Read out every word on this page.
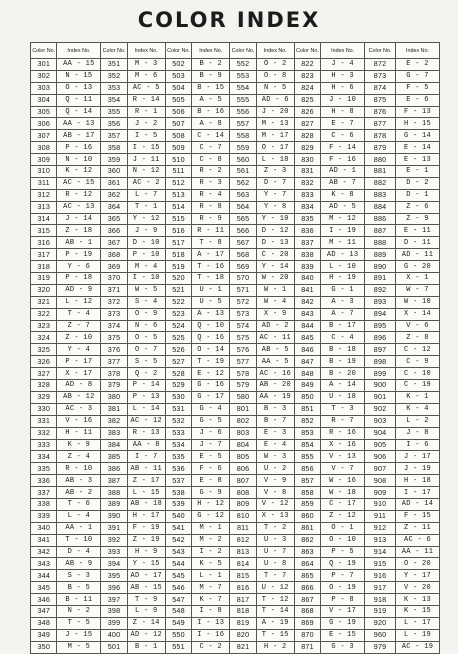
COLOR INDEX
Color No.	Index No.	Color No.	Index No.	Color No.	Index No.	Color No.	Index No.	Color No.	Index No.	Color No.	Index No.
301	AA - 15	351	M - 3	502	B - 2	552	O - 2	822	J - 4	872	E - 2
302	N - 15	352	M - 6	503	B - 9	553	O - 8	823	H - 3	873	G - 7
303	O - 13	353	AC - 5	504	B - 15	554	N - 5	824	H - 6	874	F - 5
304	Q - 11	354	R - 14	505	A - 5	555	AD - 6	825	J - 10	875	E - 6
305	Q - 14	355	R - 1	506	B - 16	556	J - 20	826	H - 8	876	F - 13
306	AA - 13	356	J - 2	507	A - 8	557	M - 13	827	E - 7	877	H - 15
307	AB - 17	357	I - 5	508	C - 14	558	M - 17	828	C - 6	878	G - 14
308	P - 16	358	I - 15	509	C - 7	559	O - 17	829	F - 14	879	E - 14
309	N - 10	359	J - 11	510	C - 8	560	L - 18	830	F - 16	880	E - 13
310	K - 12	360	N - 12	511	R - 2	561	Z - 3	831	AD - 1	881	E - 1
311	AC - 15	361	AC - 2	512	R - 3	562	D - 7	832	AB - 7	882	D - 2
312	R - 12	362	L - 7	513	R - 4	563	Y - 7	833	K - 8	883	D - 1
313	AC - 13	364	T - 1	514	R - 8	564	Y - 8	834	AD - 5	884	Z - 6
314	J - 14	365	Y - 12	515	R - 9	565	Y - 10	835	M - 12	886	Z - 9
315	Z - 18	366	J - 9	516	R - 11	566	D - 12	836	I - 19	887	E - 11
316	AB - 1	367	D - 10	517	T - 8	567	D - 13	837	M - 11	888	D - 11
317	P - 19	368	P - 10	518	A - 17	568	C - 20	838	AD - 13	889	AD - 11
318	Y - 6	369	M - 4	519	T - 16	569	Y - 14	839	L - 10	890	G - 20
319	P - 18	370	I - 10	520	T - 18	570	W - 20	840	H - 19	891	X - 1
320	AD - 9	371	W - 5	521	U - 1	571	W - 1	841	G - 1	892	W - 7
321	L - 12	372	S - 4	522	U - 5	572	W - 4	842	A - 3	893	W - 10
322	T - 4	373	O - 9	523	A - 13	573	X - 9	843	A - 7	894	X - 14
323	Z - 7	374	N - 6	524	Q - 10	574	AD - 2	844	B - 17	895	V - 6
324	Z - 10	375	O - 5	525	Q - 16	575	AC - 11	845	C - 4	896	Z - 8
325	Y - 4	376	O - 7	526	O - 14	576	AB - 5	846	B - 18	897	C - 12
326	P - 17	377	S - 5	527	T - 19	577	AA - 5	847	B - 19	898	C - 9
327	X - 17	378	Q - 2	528	E - 12	578	AC - 16	848	B - 20	899	C - 10
328	AD - 8	379	P - 14	529	G - 16	579	AB - 20	849	A - 14	900	C - 19
329	AB - 12	380	P - 13	530	G - 17	580	AA - 19	850	U - 18	901	K - 1
330	AC - 3	381	L - 14	531	G - 4	801	B - 3	851	T - 3	902	K - 4
331	V - 16	382	AC - 12	532	G - 5	802	B - 7	852	R - 7	903	L - 2
332	H - 11	383	R - 13	533	J - 6	803	E - 3	853	R - 16	904	J - 8
333	K - 9	384	AA - 8	534	J - 7	804	E - 4	854	X - 16	905	I - 6
334	Z - 4	385	I - 7	535	E - 5	805	W - 3	855	V - 13	906	J - 17
335	R - 10	386	AB - 11	536	F - 6	806	U - 2	856	V - 7	907	J - 19
336	AB - 3	387	Z - 17	537	E - 8	807	V - 9	857	W - 16	908	H - 18
337	AB - 2	388	L - 15	538	G - 9	808	V - 8	858	W - 18	909	I - 17
338	T - 6	389	AB - 18	539	H - 12	809	V - 12	859	C - 17	910	AD - 14
339	L - 4	390	H - 17	540	G - 12	810	X - 13	860	Z - 12	911	F - 15
340	AA - 1	391	F - 19	541	M - 1	811	T - 2	861	O - 1	912	Z - 11
341	T - 10	392	Z - 19	542	M - 2	812	U - 3	862	O - 10	913	AC - 6
342	D - 4	393	H - 9	543	I - 2	813	U - 7	863	P - 5	914	AA - 11
343	AB - 9	394	Y - 15	544	K - 5	814	U - 8	864	Q - 19	915	O - 20
344	S - 3	395	AD - 17	545	L - 1	815	T - 7	865	P - 7	916	Y - 17
345	B - 5	396	AB - 15	546	M - 7	816	U - 12	866	O - 19	917	V - 20
346	B - 11	397	T - 9	547	K - 7	817	T - 12	867	P - 8	918	K - 13
347	N - 2	398	L - 9	548	I - 8	818	T - 14	868	V - 17	919	K - 15
348	T - 5	399	Z - 14	549	I - 13	819	A - 19	869	G - 19	920	L - 17
349	J - 15	400	AD - 12	550	I - 16	820	T - 15	870	E - 15	960	L - 19
350	M - 5	501	B - 1	551	C - 2	821	H - 2	871	G - 3	979	AC - 19
